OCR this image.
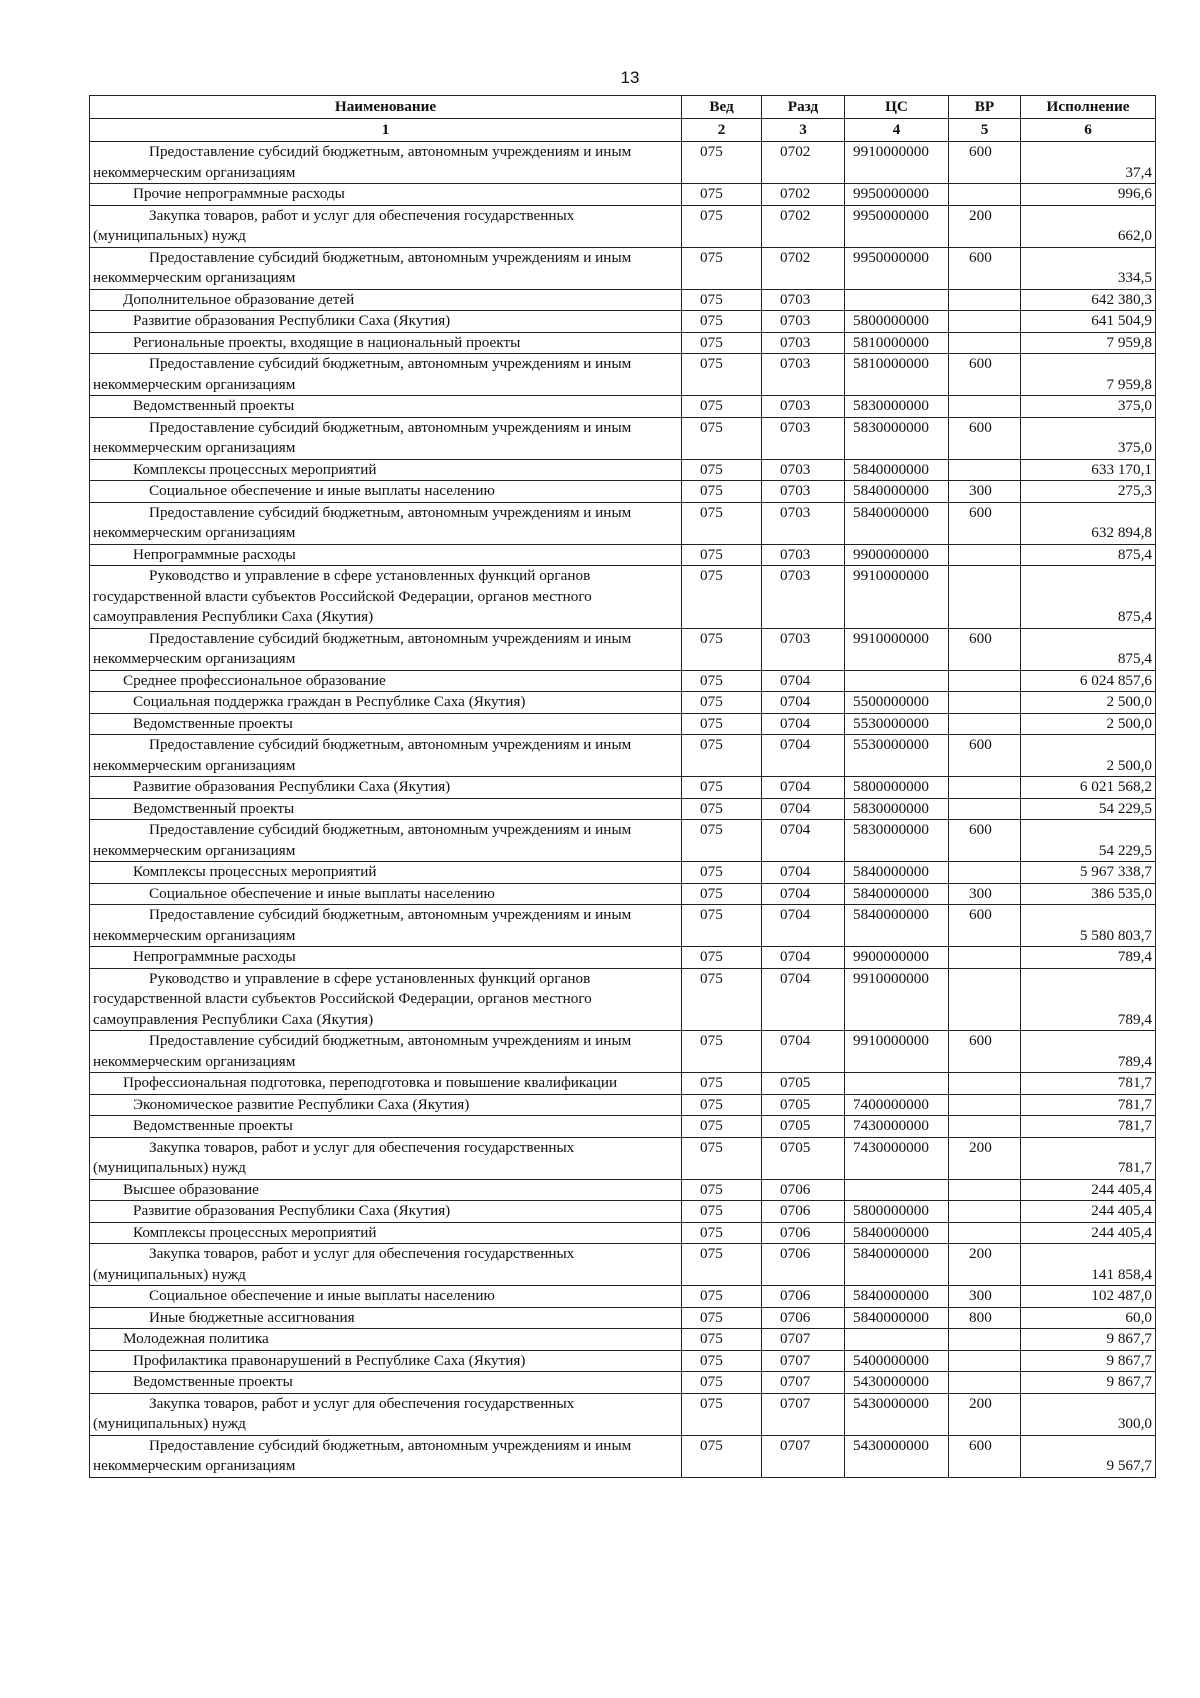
13
Наименование	Вед	Разд	ЦС	ВР	Исполнение
1	2	3	4	5	6
Предоставление субсидий бюджетным, автономным учреждениям и иным некоммерческим организациям	075	0702	9910000000	600	37,4
Прочие непрограммные расходы	075	0702	9950000000		996,6
Закупка товаров, работ и услуг для обеспечения государственных (муниципальных) нужд	075	0702	9950000000	200	662,0
Предоставление субсидий бюджетным, автономным учреждениям и иным некоммерческим организациям	075	0702	9950000000	600	334,5
Дополнительное образование детей	075	0703			642 380,3
Развитие образования Республики Саха (Якутия)	075	0703	5800000000		641 504,9
Региональные проекты, входящие в национальный проекты	075	0703	5810000000		7 959,8
Предоставление субсидий бюджетным, автономным учреждениям и иным некоммерческим организациям	075	0703	5810000000	600	7 959,8
Ведомственный проекты	075	0703	5830000000		375,0
Предоставление субсидий бюджетным, автономным учреждениям и иным некоммерческим организациям	075	0703	5830000000	600	375,0
Комплексы процессных мероприятий	075	0703	5840000000		633 170,1
Социальное обеспечение и иные выплаты населению	075	0703	5840000000	300	275,3
Предоставление субсидий бюджетным, автономным учреждениям и иным некоммерческим организациям	075	0703	5840000000	600	632 894,8
Непрограммные расходы	075	0703	9900000000		875,4
Руководство и управление в сфере установленных функций органов государственной власти субъектов Российской Федерации, органов местного самоуправления Республики Саха (Якутия)	075	0703	9910000000		875,4
Предоставление субсидий бюджетным, автономным учреждениям и иным некоммерческим организациям	075	0703	9910000000	600	875,4
Среднее профессиональное образование	075	0704			6 024 857,6
Социальная поддержка граждан в Республике Саха (Якутия)	075	0704	5500000000		2 500,0
Ведомственные проекты	075	0704	5530000000		2 500,0
Предоставление субсидий бюджетным, автономным учреждениям и иным некоммерческим организациям	075	0704	5530000000	600	2 500,0
Развитие образования Республики Саха (Якутия)	075	0704	5800000000		6 021 568,2
Ведомственный проекты	075	0704	5830000000		54 229,5
Предоставление субсидий бюджетным, автономным учреждениям и иным некоммерческим организациям	075	0704	5830000000	600	54 229,5
Комплексы процессных мероприятий	075	0704	5840000000		5 967 338,7
Социальное обеспечение и иные выплаты населению	075	0704	5840000000	300	386 535,0
Предоставление субсидий бюджетным, автономным учреждениям и иным некоммерческим организациям	075	0704	5840000000	600	5 580 803,7
Непрограммные расходы	075	0704	9900000000		789,4
Руководство и управление в сфере установленных функций органов государственной власти субъектов Российской Федерации, органов местного самоуправления Республики Саха (Якутия)	075	0704	9910000000		789,4
Предоставление субсидий бюджетным, автономным учреждениям и иным некоммерческим организациям	075	0704	9910000000	600	789,4
Профессиональная подготовка, переподготовка и повышение квалификации	075	0705			781,7
Экономическое развитие Республики Саха (Якутия)	075	0705	7400000000		781,7
Ведомственные проекты	075	0705	7430000000		781,7
Закупка товаров, работ и услуг для обеспечения государственных (муниципальных) нужд	075	0705	7430000000	200	781,7
Высшее образование	075	0706			244 405,4
Развитие образования Республики Саха (Якутия)	075	0706	5800000000		244 405,4
Комплексы процессных мероприятий	075	0706	5840000000		244 405,4
Закупка товаров, работ и услуг для обеспечения государственных (муниципальных) нужд	075	0706	5840000000	200	141 858,4
Социальное обеспечение и иные выплаты населению	075	0706	5840000000	300	102 487,0
Иные бюджетные ассигнования	075	0706	5840000000	800	60,0
Молодежная политика	075	0707			9 867,7
Профилактика правонарушений в Республике Саха (Якутия)	075	0707	5400000000		9 867,7
Ведомственные проекты	075	0707	5430000000		9 867,7
Закупка товаров, работ и услуг для обеспечения государственных (муниципальных) нужд	075	0707	5430000000	200	300,0
Предоставление субсидий бюджетным, автономным учреждениям и иным некоммерческим организациям	075	0707	5430000000	600	9 567,7
